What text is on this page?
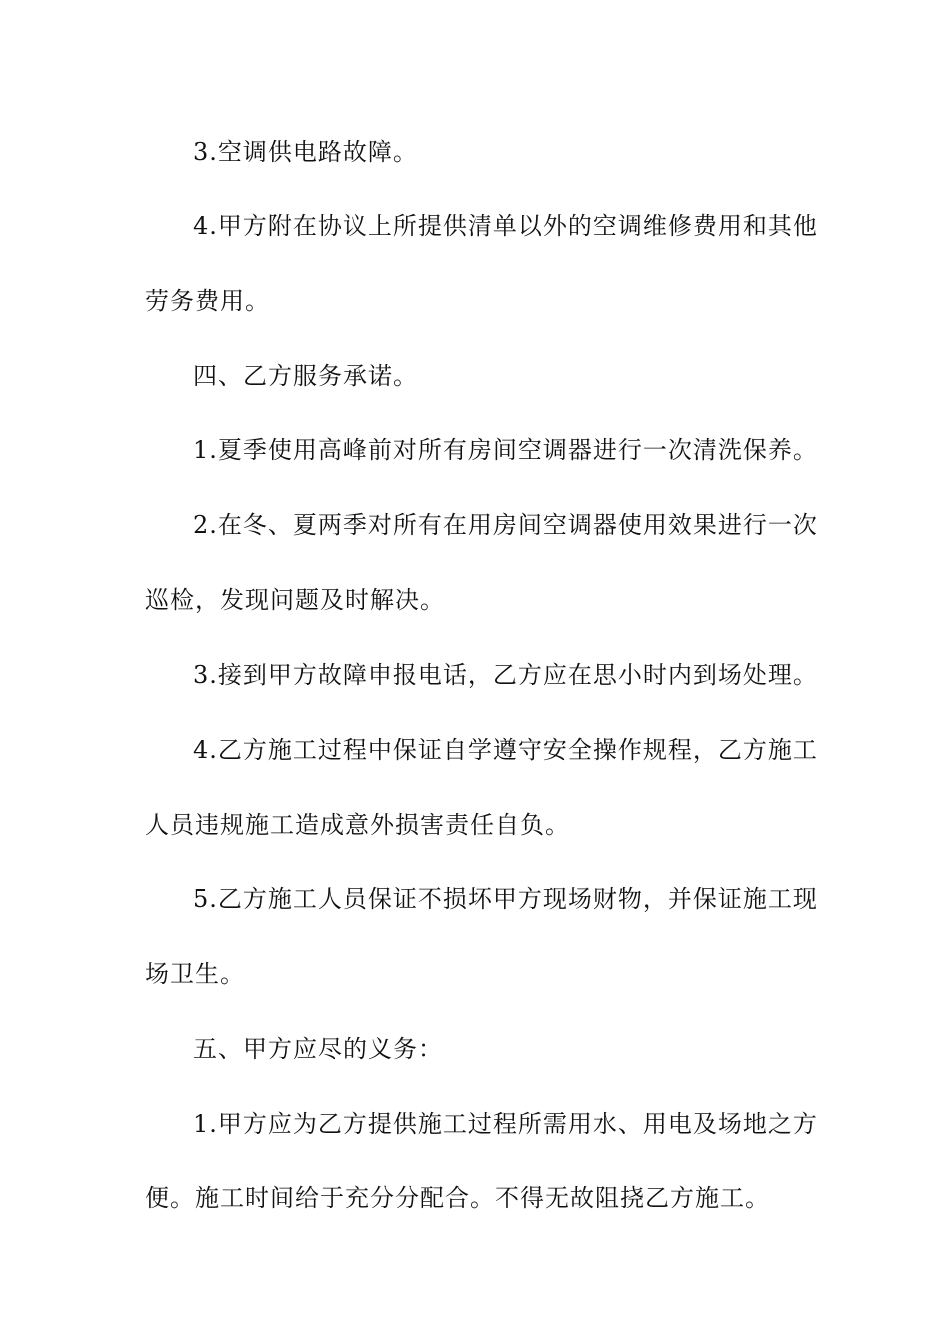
3.空调供电路故障。
4.甲方附在协议上所提供清单以外的空调维修费用和其他
劳务费用。
四、乙方服务承诺。
1.夏季使用高峰前对所有房间空调器进行一次清洗保养。
2.在冬、夏两季对所有在用房间空调器使用效果进行一次
巡检，发现问题及时解决。
3.接到甲方故障申报电话，乙方应在思小时内到场处理。
4.乙方施工过程中保证自学遵守安全操作规程，乙方施工
人员违规施工造成意外损害责任自负。
5.乙方施工人员保证不损坏甲方现场财物，并保证施工现
场卫生。
五、甲方应尽的义务：
1.甲方应为乙方提供施工过程所需用水、用电及场地之方
便。施工时间给于充分分配合。不得无故阻挠乙方施工。
